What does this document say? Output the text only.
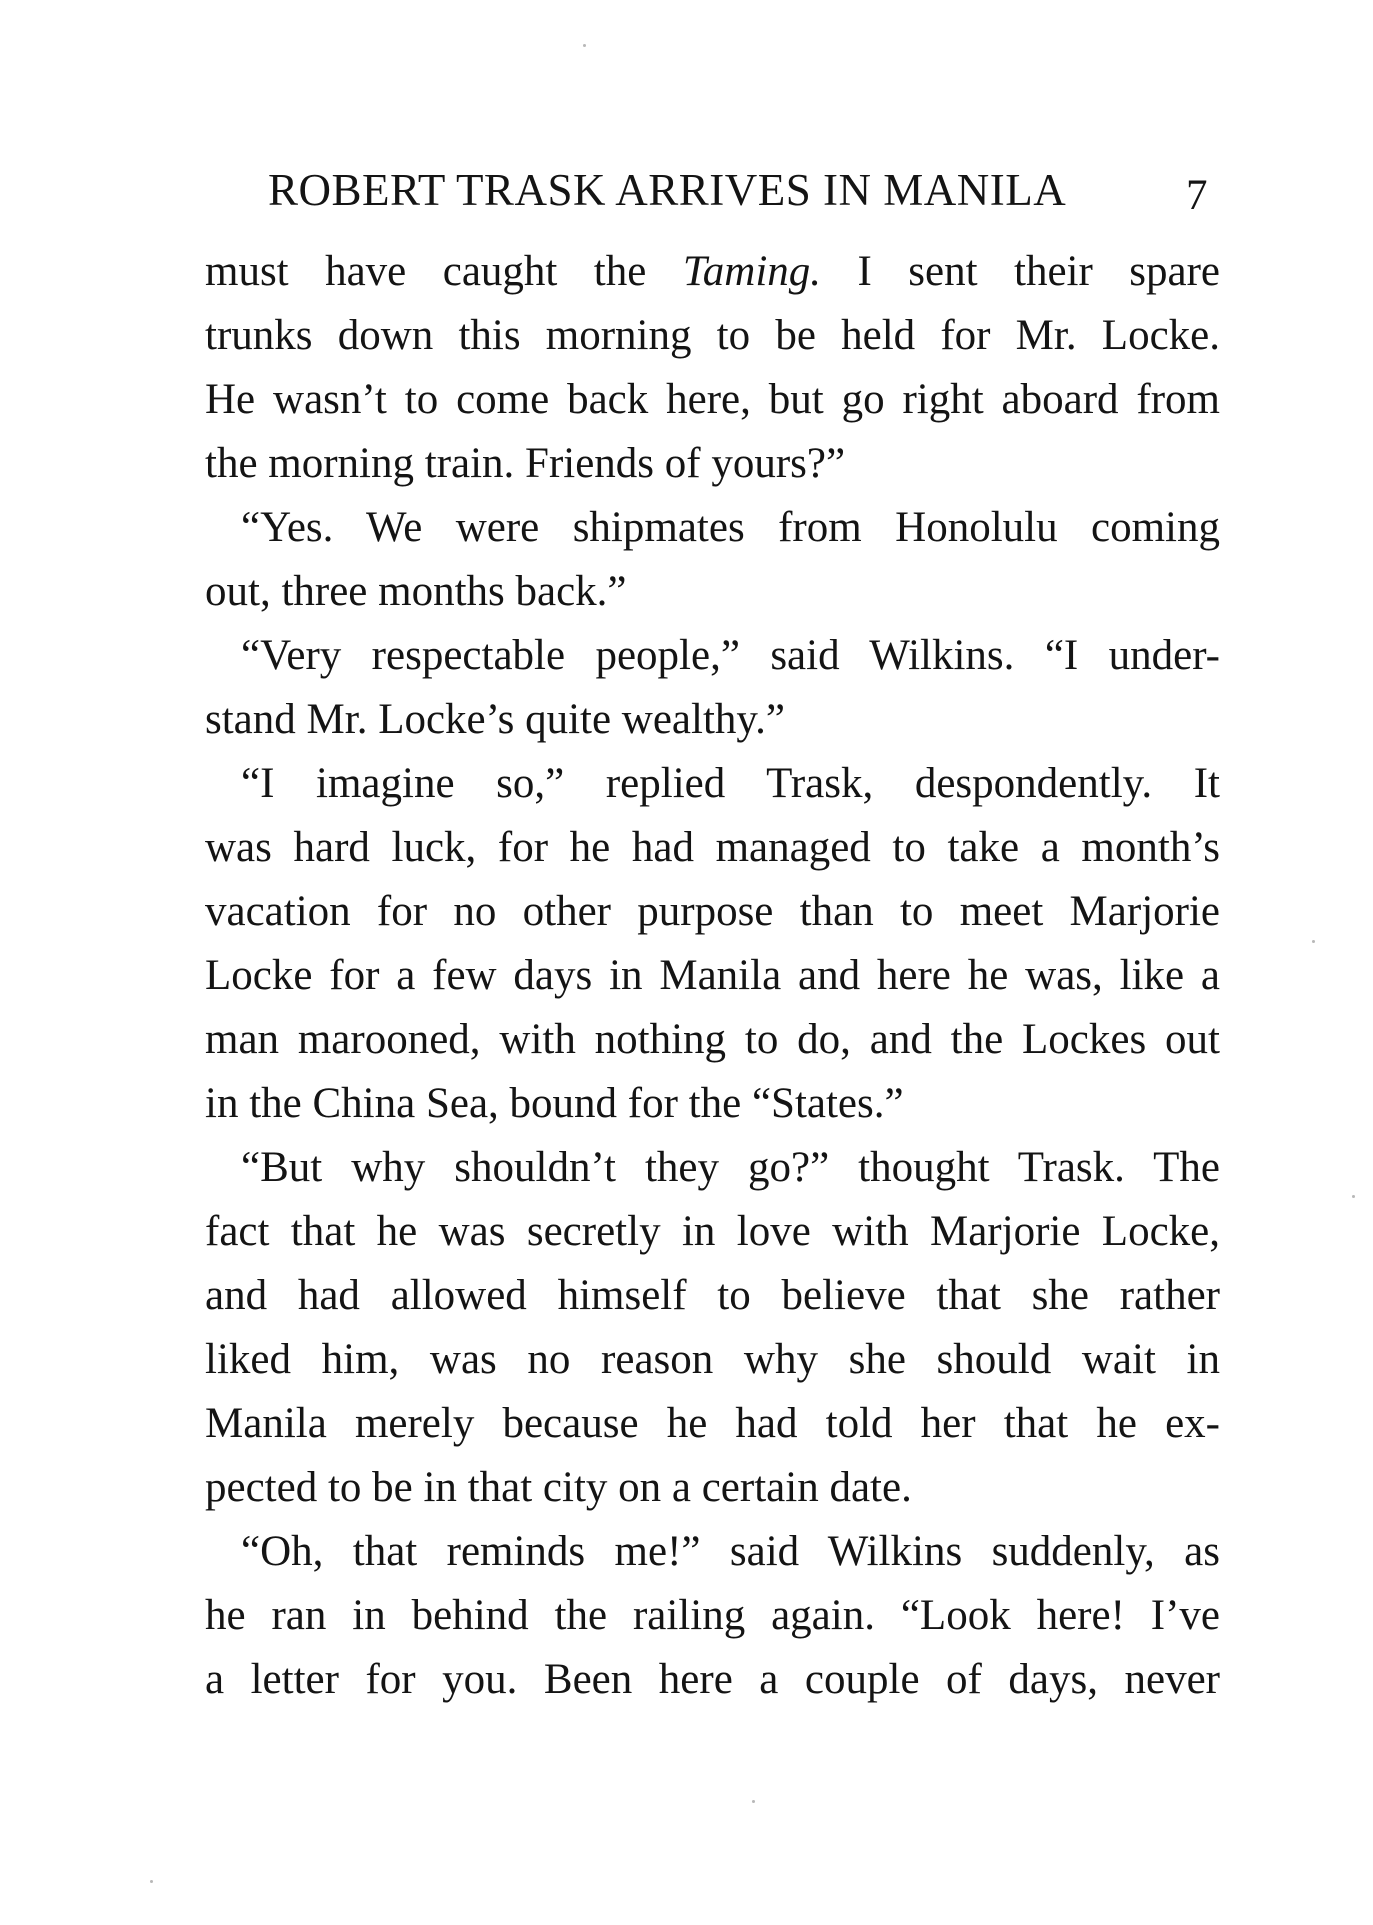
ROBERT TRASK ARRIVES IN MANILA	7
must have caught the Taming. I sent their spare
trunks down this morning to be held for Mr. Locke.
He wasn’t to come back here, but go right aboard from
the morning train. Friends of yours?”
“Yes. We were shipmates from Honolulu coming
out, three months back.”
“Very respectable people,” said Wilkins. “I under-
stand Mr. Locke’s quite wealthy.”
“I imagine so,” replied Trask, despondently. It
was hard luck, for he had managed to take a month’s
vacation for no other purpose than to meet Marjorie
Locke for a few days in Manila and here he was, like a
man marooned, with nothing to do, and the Lockes out
in the China Sea, bound for the “States.”
“But why shouldn’t they go?” thought Trask. The
fact that he was secretly in love with Marjorie Locke,
and had allowed himself to believe that she rather
liked him, was no reason why she should wait in
Manila merely because he had told her that he ex-
pected to be in that city on a certain date.
“Oh, that reminds me!” said Wilkins suddenly, as
he ran in behind the railing again. “Look here! I’ve
a letter for you. Been here a couple of days, never
